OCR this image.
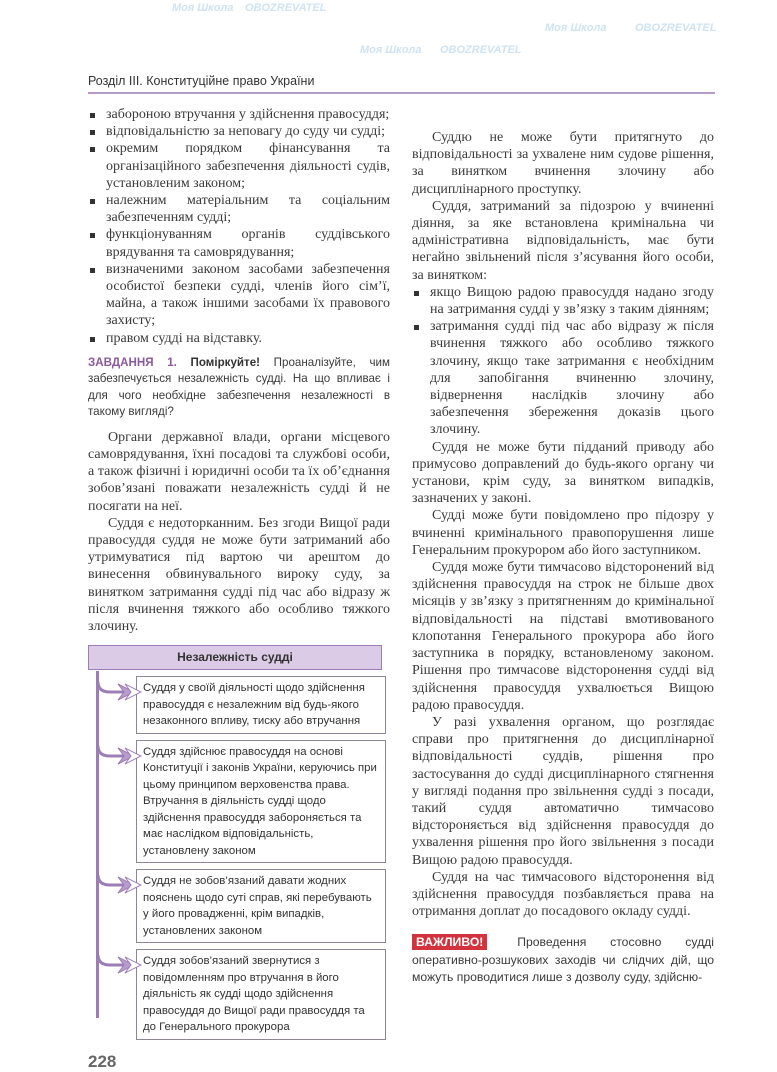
Моя Школа OBOZREVATEL
Моя Школа	OBOZREVATEL
Моя Школа OBOZREVATEL
Розділ ІІІ. Конституційне право України
забороною втручання у здійснення правосуддя;
відповідальністю за неповагу до суду чи судді;
окремим порядком фінансування та організаційного забезпечення діяльності судів, установленим законом;
належним матеріальним та соціальним забезпеченням судді;
функціонуванням органів суддівського врядування та самоврядування;
визначеними законом засобами забезпечення особистої безпеки судді, членів його сім’ї, майна, а також іншими засобами їх правового захисту;
правом судді на відставку.
ЗАВДАННЯ 1. Поміркуйте! Проаналізуйте, чим забезпечується незалежність судді. На що впливає і для чого необхідне забезпечення незалежності в такому вигляді?

Органи державної влади, органи місцевого самоврядування, їхні посадові та службові особи, а також фізичні і юридичні особи та їх об’єднання зобов’язані поважати незалежність судді й не посягати на неї.

Суддя є недоторканним. Без згоди Вищої ради правосуддя суддя не може бути затриманий або утримуватися під вартою чи арештом до винесення обвинувального вироку суду, за винятком затримання судді під час або відразу ж після вчинення тяжкого або особливо тяжкого злочину.

Незалежність судді
Суддя у своїй діяльності щодо здійснення правосуддя є незалежним від будь-якого незаконного впливу, тиску або втручання
Суддя здійснює правосуддя на основі Конституції і законів України, керуючись при цьому принципом верховенства права. Втручання в діяльність судді щодо здійснення правосуддя забороняється та має наслідком відповідальність, установлену законом
Суддя не зобов’язаний давати жодних пояснень щодо суті справ, які перебувають у його провадженні, крім випадків, установлених законом
Суддя зобов’язаний звернутися з повідомленням про втручання в його діяльність як судді щодо здійснення правосуддя до Вищої ради правосуддя та до Генерального прокурора
228

Суддю не може бути притягнуто до відповідальності за ухвалене ним судове рішення, за винятком вчинення злочину або дисциплінарного проступку.

Суддя, затриманий за підозрою у вчиненні діяння, за яке встановлена кримінальна чи адміністративна відповідальність, має бути негайно звільнений після з’ясування його особи, за винятком:

якщо Вищою радою правосуддя надано згоду на затримання судді у зв’язку з таким діянням;
затримання судді під час або відразу ж після вчинення тяжкого або особливо тяжкого злочину, якщо таке затримання є необхідним для запобігання вчиненню злочину, відвернення наслідків злочину або забезпечення збереження доказів цього злочину.

Суддя не може бути підданий приводу або примусово доправлений до будь-якого органу чи установи, крім суду, за винятком випадків, зазначених у законі.

Судді може бути повідомлено про підозру у вчиненні кримінального правопорушення лише Генеральним прокурором або його заступником.

Суддя може бути тимчасово відсторонений від здійснення правосуддя на строк не більше двох місяців у зв’язку з притягненням до кримінальної відповідальності на підставі вмотивованого клопотання Генерального прокурора або його заступника в порядку, встановленому законом. Рішення про тимчасове відсторонення судді від здійснення правосуддя ухвалюється Вищою радою правосуддя.

У разі ухвалення органом, що розглядає справи про притягнення до дисциплінарної відповідальності суддів, рішення про застосування до судді дисциплінарного стягнення у вигляді подання про звільнення судді з посади, такий суддя автоматично тимчасово відстороняється від здійснення правосуддя до ухвалення рішення про його звільнення з посади Вищою радою правосуддя.

Суддя на час тимчасового відсторонення від здійснення правосуддя позбавляється права на отримання доплат до посадового окладу судді.

ВАЖЛИВО!	Проведення стосовно судді оперативно-розшукових заходів чи слідчих дій, що можуть проводитися лише з дозволу суду, здійсню-
